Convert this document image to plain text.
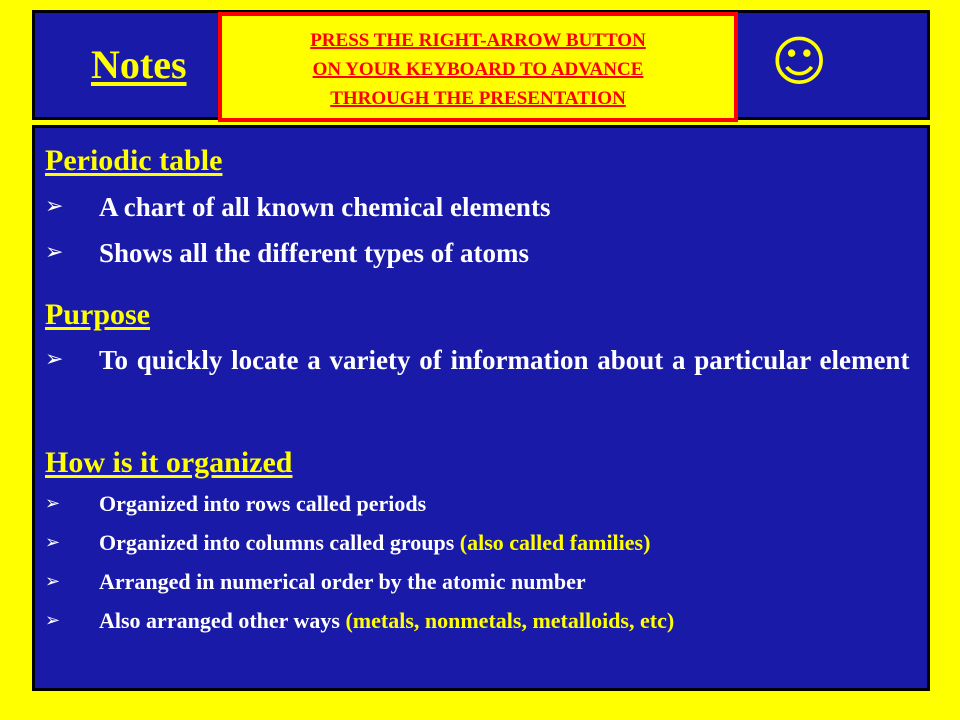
Notes	☺
PRESS THE RIGHT-ARROW BUTTON
ON YOUR KEYBOARD TO ADVANCE
THROUGH THE PRESENTATION
Periodic table
➢	A chart of all known chemical elements
➢	Shows all the different types of atoms
Purpose
➢	To quickly locate a variety of information about a particular element
How is it organized
➢	Organized into rows called periods
➢	Organized into columns called groups (also called families)
➢	Arranged in numerical order by the atomic number
➢	Also arranged other ways (metals, nonmetals, metalloids, etc)
